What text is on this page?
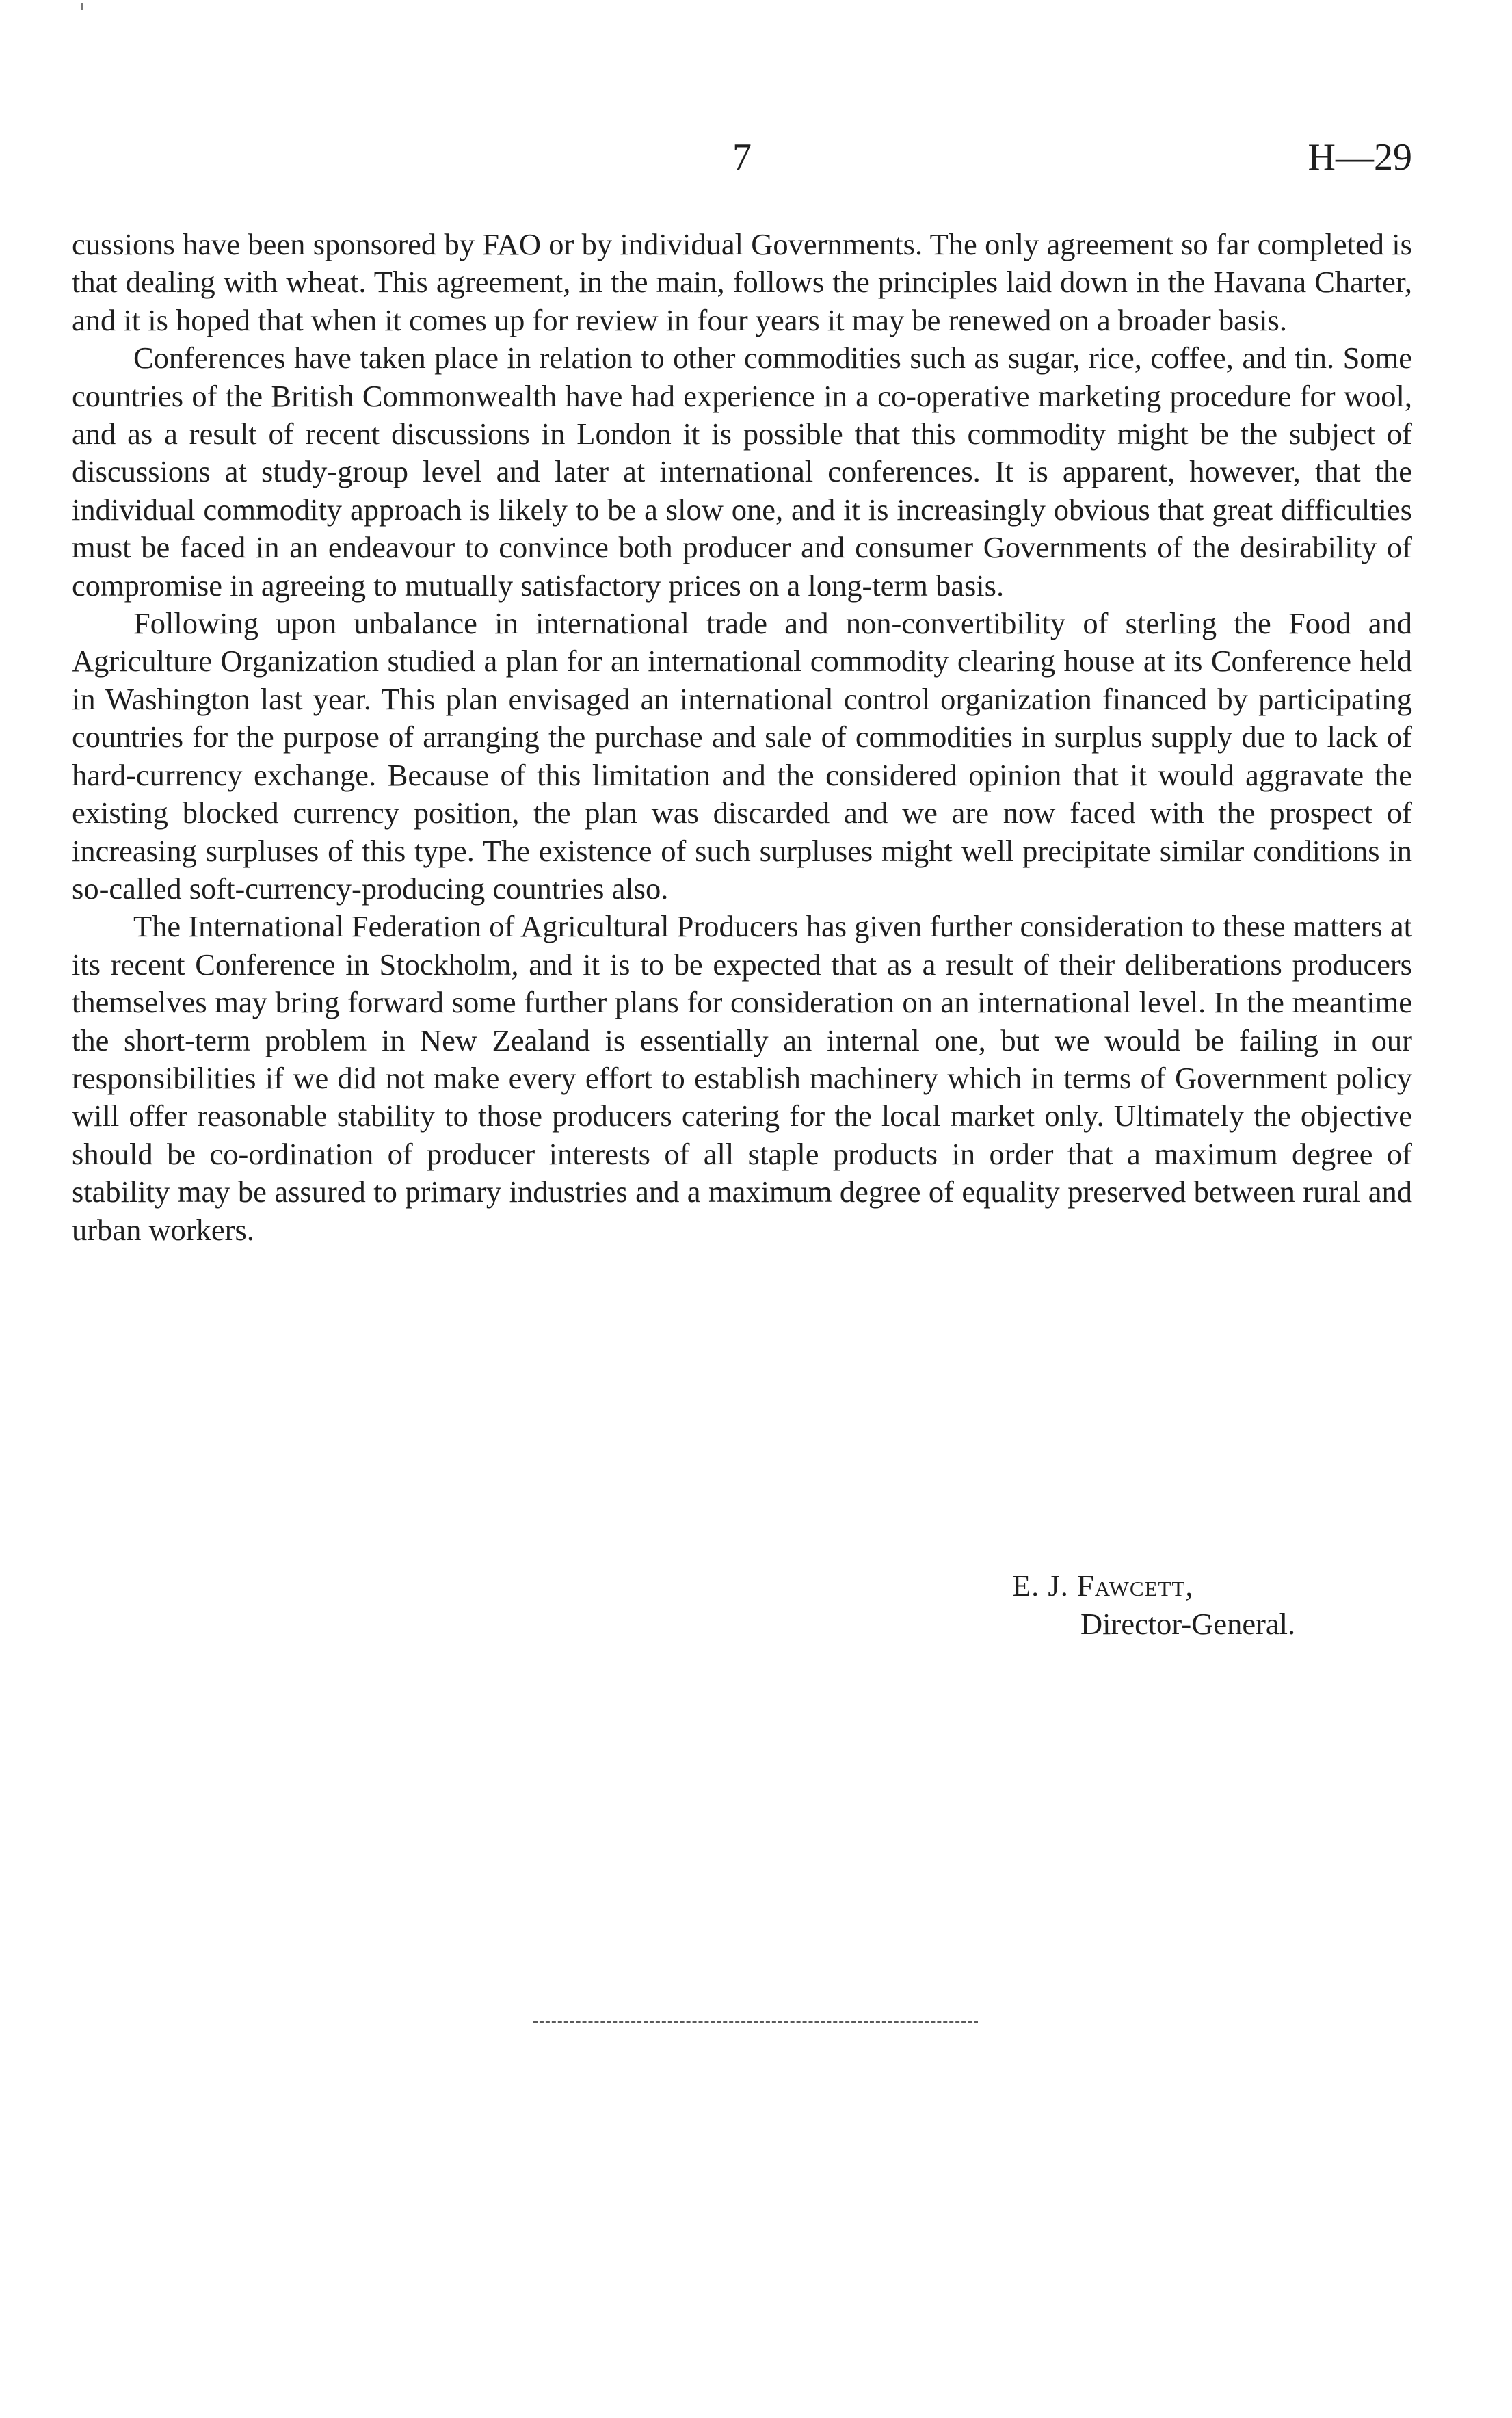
7	H—29

cussions have been sponsored by FAO or by individual Governments. The only agreement so far completed is that dealing with wheat. This agreement, in the main, follows the principles laid down in the Havana Charter, and it is hoped that when it comes up for review in four years it may be renewed on a broader basis.

Conferences have taken place in relation to other commodities such as sugar, rice, coffee, and tin. Some countries of the British Commonwealth have had experience in a co-operative marketing procedure for wool, and as a result of recent discussions in London it is possible that this commodity might be the subject of discussions at study-group level and later at international conferences. It is apparent, however, that the individual commodity approach is likely to be a slow one, and it is increasingly obvious that great difficulties must be faced in an endeavour to convince both producer and consumer Governments of the desirability of compromise in agreeing to mutually satisfactory prices on a long-term basis.

Following upon unbalance in international trade and non-convertibility of sterling the Food and Agriculture Organization studied a plan for an international commodity clearing house at its Conference held in Washington last year. This plan envisaged an international control organization financed by participating countries for the purpose of arranging the purchase and sale of commodities in surplus supply due to lack of hard-currency exchange. Because of this limitation and the considered opinion that it would aggravate the existing blocked currency position, the plan was discarded and we are now faced with the prospect of increasing surpluses of this type. The existence of such surpluses might well precipitate similar conditions in so-called soft-currency-producing countries also.

The International Federation of Agricultural Producers has given further consideration to these matters at its recent Conference in Stockholm, and it is to be expected that as a result of their deliberations producers themselves may bring forward some further plans for consideration on an international level. In the meantime the short-term problem in New Zealand is essentially an internal one, but we would be failing in our responsibilities if we did not make every effort to establish machinery which in terms of Government policy will offer reasonable stability to those producers catering for the local market only. Ultimately the objective should be co-ordination of producer interests of all staple products in order that a maximum degree of stability may be assured to primary industries and a maximum degree of equality preserved between rural and urban workers.

E. J. Fawcett,
Director-General.
